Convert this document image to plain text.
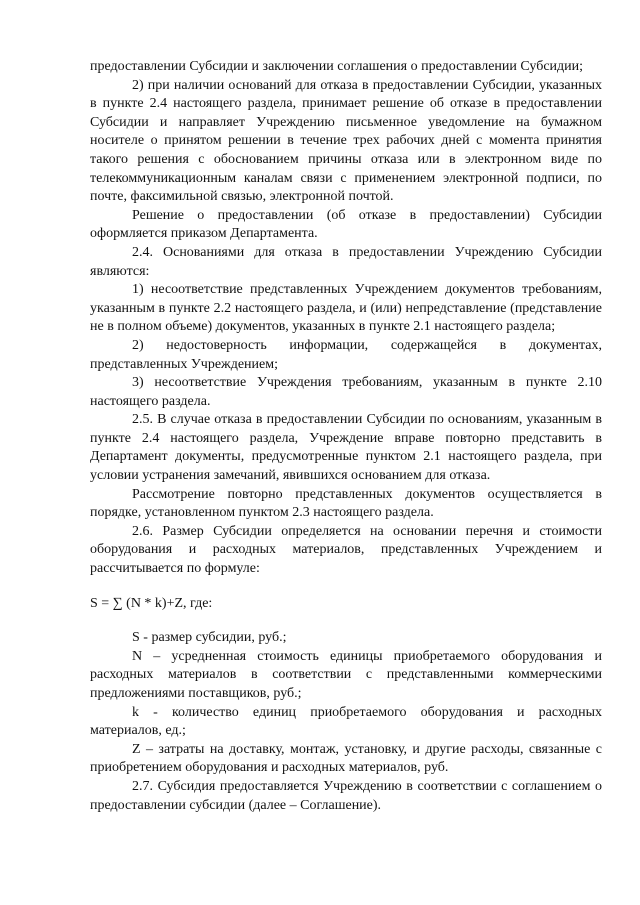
предоставлении Субсидии и заключении соглашения о предоставлении Субсидии;

2) при наличии оснований для отказа в предоставлении Субсидии, указанных в пункте 2.4 настоящего раздела, принимает решение об отказе в предоставлении Субсидии и направляет Учреждению письменное уведомление на бумажном носителе о принятом решении в течение трех рабочих дней с момента принятия такого решения с обоснованием причины отказа или в электронном виде по телекоммуникационным каналам связи с применением электронной подписи, по почте, факсимильной связью, электронной почтой.

Решение о предоставлении (об отказе в предоставлении) Субсидии оформляется приказом Департамента.

2.4. Основаниями для отказа в предоставлении Учреждению Субсидии являются:

1) несоответствие представленных Учреждением документов требованиям, указанным в пункте 2.2 настоящего раздела, и (или) непредставление (представление не в полном объеме) документов, указанных в пункте 2.1 настоящего раздела;

2) недостоверность информации, содержащейся в документах, представленных Учреждением;

3) несоответствие Учреждения требованиям, указанным в пункте 2.10 настоящего раздела.

2.5. В случае отказа в предоставлении Субсидии по основаниям, указанным в пункте 2.4 настоящего раздела, Учреждение вправе повторно представить в Департамент документы, предусмотренные пунктом 2.1 настоящего раздела, при условии устранения замечаний, явившихся основанием для отказа.

Рассмотрение повторно представленных документов осуществляется в порядке, установленном пунктом 2.3 настоящего раздела.

2.6. Размер Субсидии определяется на основании перечня и стоимости оборудования и расходных материалов, представленных Учреждением и рассчитывается по формуле:

S = ∑ (N * k)+Z, где:

S - размер субсидии, руб.;

N – усредненная стоимость единицы приобретаемого оборудования и расходных материалов в соответствии с представленными коммерческими предложениями поставщиков, руб.;

k - количество единиц приобретаемого оборудования и расходных материалов, ед.;

Z – затраты на доставку, монтаж, установку, и другие расходы, связанные с приобретением оборудования и расходных материалов, руб.

2.7. Субсидия предоставляется Учреждению в соответствии с соглашением о предоставлении субсидии (далее – Соглашение).
